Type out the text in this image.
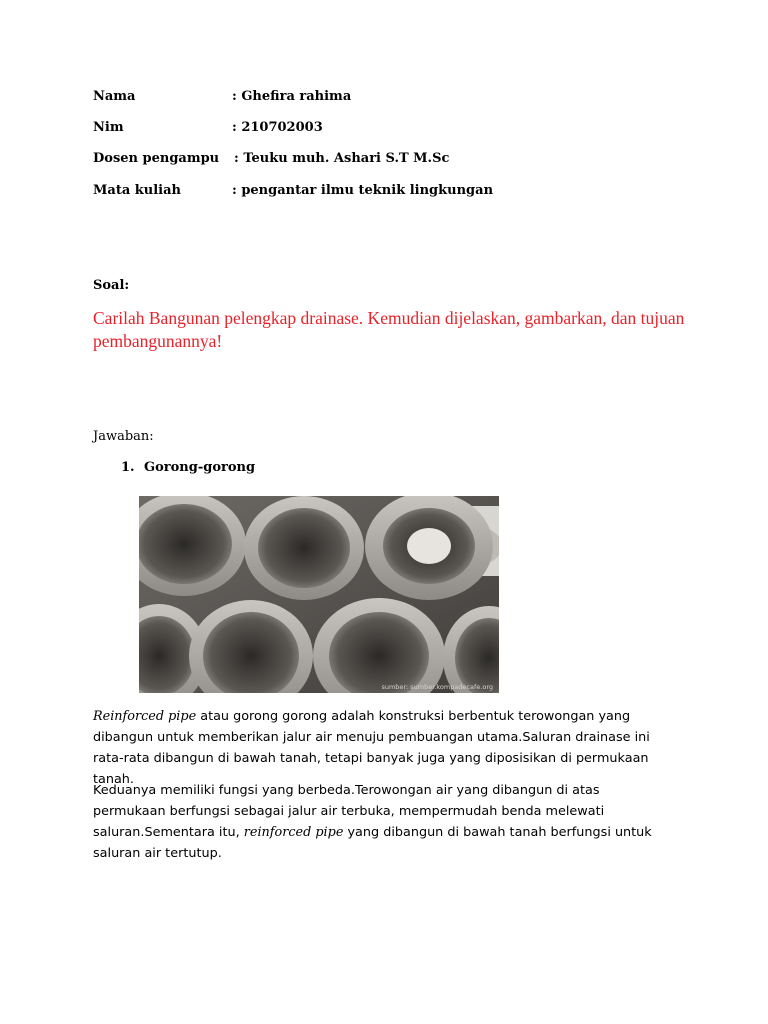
Nama	: Ghefira rahima
Nim	: 210702003
Dosen pengampu : Teuku muh. Ashari S.T M.Sc
Mata kuliah	: pengantar ilmu teknik lingkungan
Soal:
Carilah Bangunan pelengkap drainase. Kemudian dijelaskan, gambarkan, dan tujuan pembangunannya!
Jawaban:
1. Gorong-gorong
sumber: sumber.kompadecafe.org
Reinforced pipe atau gorong gorong adalah konstruksi berbentuk terowongan yang dibangun untuk memberikan jalur air menuju pembuangan utama.Saluran drainase ini rata-rata dibangun di bawah tanah, tetapi banyak juga yang diposisikan di permukaan tanah.
Keduanya memiliki fungsi yang berbeda.Terowongan air yang dibangun di atas permukaan berfungsi sebagai jalur air terbuka, mempermudah benda melewati saluran.Sementara itu, reinforced pipe yang dibangun di bawah tanah berfungsi untuk saluran air tertutup.
